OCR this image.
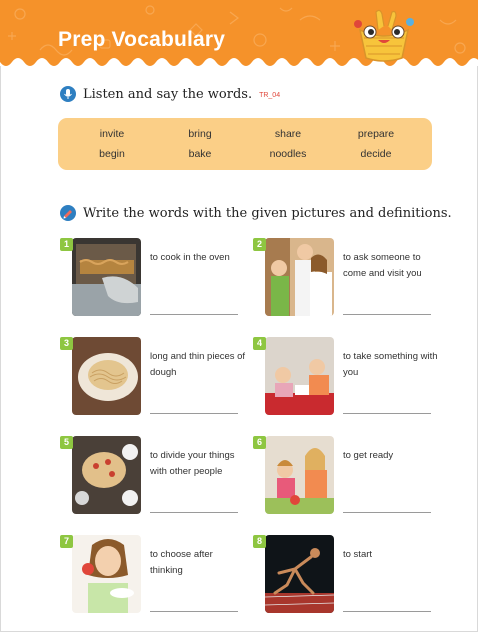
Prep Vocabulary
Listen and say the words. TR_04
invite	bring	share	prepare
begin	bake	noodles	decide
Write the words with the given pictures and definitions.
1
to cook in the oven
2
to ask someone to come and visit you
3
long and thin pieces of dough
4
to take something with you
5
to divide your things with other people
6
to get ready
7
to choose after thinking
8
to start
